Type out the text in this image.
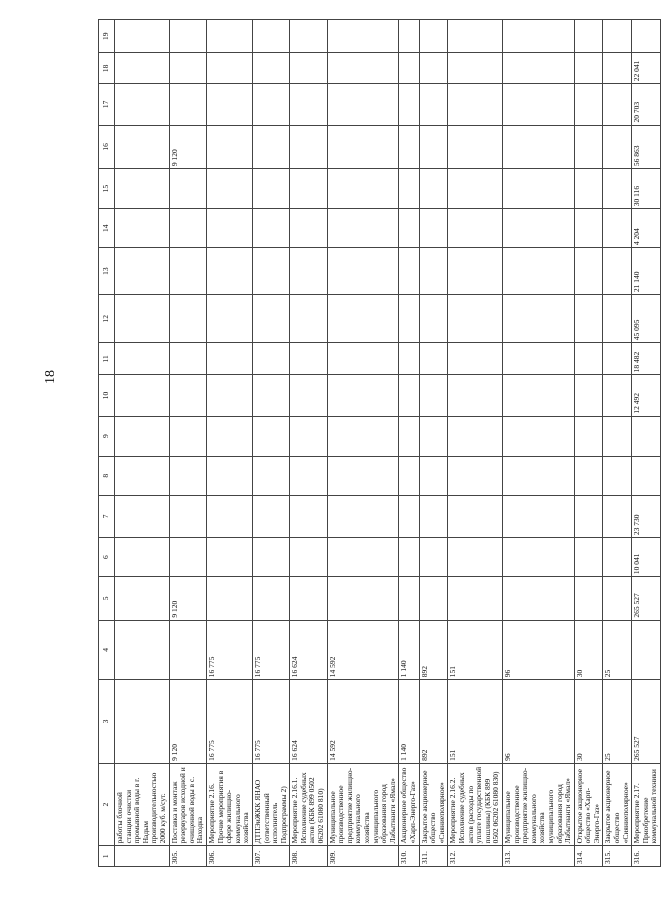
18
1	2	3	4	5	6	7	8	9	10	11	12	13	14	15	16	17	18	19
	работы блочной станции очистки промывной воды в г. Надым производительностью 2000 куб. м/сут.																	
305.	Поставка и монтаж резервуаров исходной и очищенной воды в с. Находка	9 120		9 120											9 120			
306.	Мероприятие 2.16. Прочие мероприятия в сфере жилищно-коммунального хозяйства	16 775	16 775															
307.	ДТПЭиЖКК ЯНАО (ответственный исполнитель Подпрограммы 2)	16 775	16 775															
308.	Мероприятие 2.16.1. Исполнение судебных актов (КБК 899 0502 06202 61080 810)	16 624	16 624															
309.	Муниципальное производственное предприятие жилищно-коммунального хозяйства муниципального образования город Лабытнанги «Ямал»	14 592	14 592															
310.	Акционерное общество «Харп-Энерго-Газ»	1 140	1 140															
311.	Закрытое акционерное общество «Сияниеполярное»	892	892															
312.	Мероприятие 2.16.2. Исполнение судебных актов (расходы по уплате государственной пошлины) (КБК 899 0502 06202 61080 830)	151	151															
313.	Муниципальное производственное предприятие жилищно-коммунального хозяйства муниципального образования город Лабытнанги «Ямал»	96	96															
314.	Открытое акционерное общество «Харп-Энерго-Газ»	30	30															
315.	Закрытое акционерное общество «Сияниеполярное»	25	25															
316.	Мероприятие 2.17. Приобретение коммунальной техники	265 527		265 527	10 041	23 730			12 492	18 482	45 095	21 140	4 204	30 116	56 863	20 703	22 041	
